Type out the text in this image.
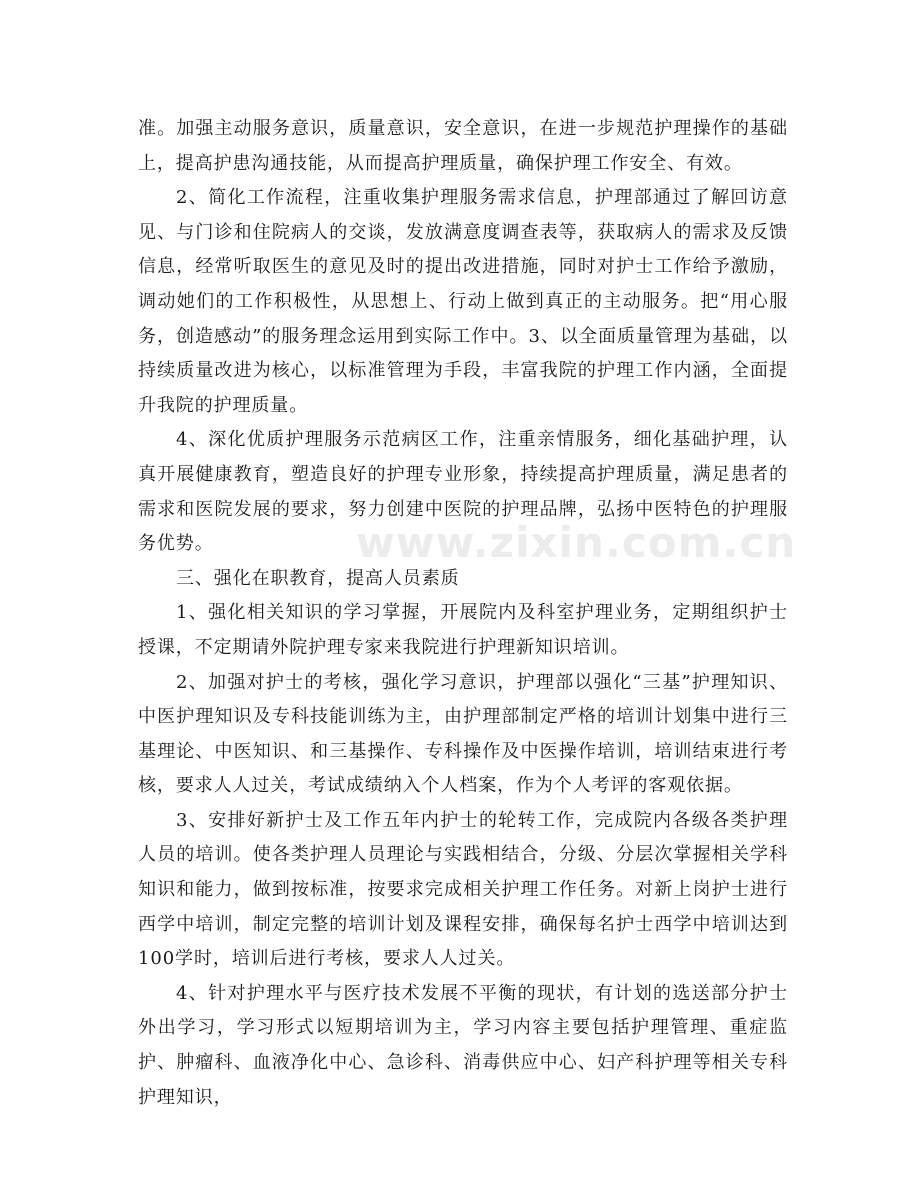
准。加强主动服务意识，质量意识，安全意识，在进一步规范护理操作的基础上，提高护患沟通技能，从而提高护理质量，确保护理工作安全、有效。

2、简化工作流程，注重收集护理服务需求信息，护理部通过了解回访意见、与门诊和住院病人的交谈，发放满意度调查表等，获取病人的需求及反馈信息，经常听取医生的意见及时的提出改进措施，同时对护士工作给予激励，调动她们的工作积极性，从思想上、行动上做到真正的主动服务。把“用心服务，创造感动”的服务理念运用到实际工作中。3、以全面质量管理为基础，以持续质量改进为核心，以标准管理为手段，丰富我院的护理工作内涵，全面提升我院的护理质量。

4、深化优质护理服务示范病区工作，注重亲情服务，细化基础护理，认真开展健康教育，塑造良好的护理专业形象，持续提高护理质量，满足患者的需求和医院发展的要求，努力创建中医院的护理品牌，弘扬中医特色的护理服务优势。

三、强化在职教育，提高人员素质

1、强化相关知识的学习掌握，开展院内及科室护理业务，定期组织护士授课，不定期请外院护理专家来我院进行护理新知识培训。

2、加强对护士的考核，强化学习意识，护理部以强化“三基”护理知识、中医护理知识及专科技能训练为主，由护理部制定严格的培训计划集中进行三基理论、中医知识、和三基操作、专科操作及中医操作培训，培训结束进行考核，要求人人过关，考试成绩纳入个人档案，作为个人考评的客观依据。

3、安排好新护士及工作五年内护士的轮转工作，完成院内各级各类护理人员的培训。使各类护理人员理论与实践相结合，分级、分层次掌握相关学科知识和能力，做到按标准，按要求完成相关护理工作任务。对新上岗护士进行西学中培训，制定完整的培训计划及课程安排，确保每名护士西学中培训达到100学时，培训后进行考核，要求人人过关。

4、针对护理水平与医疗技术发展不平衡的现状，有计划的选送部分护士外出学习，学习形式以短期培训为主，学习内容主要包括护理管理、重症监护、肿瘤科、血液净化中心、急诊科、消毒供应中心、妇产科护理等相关专科护理知识，

www.zixin.com.cn
